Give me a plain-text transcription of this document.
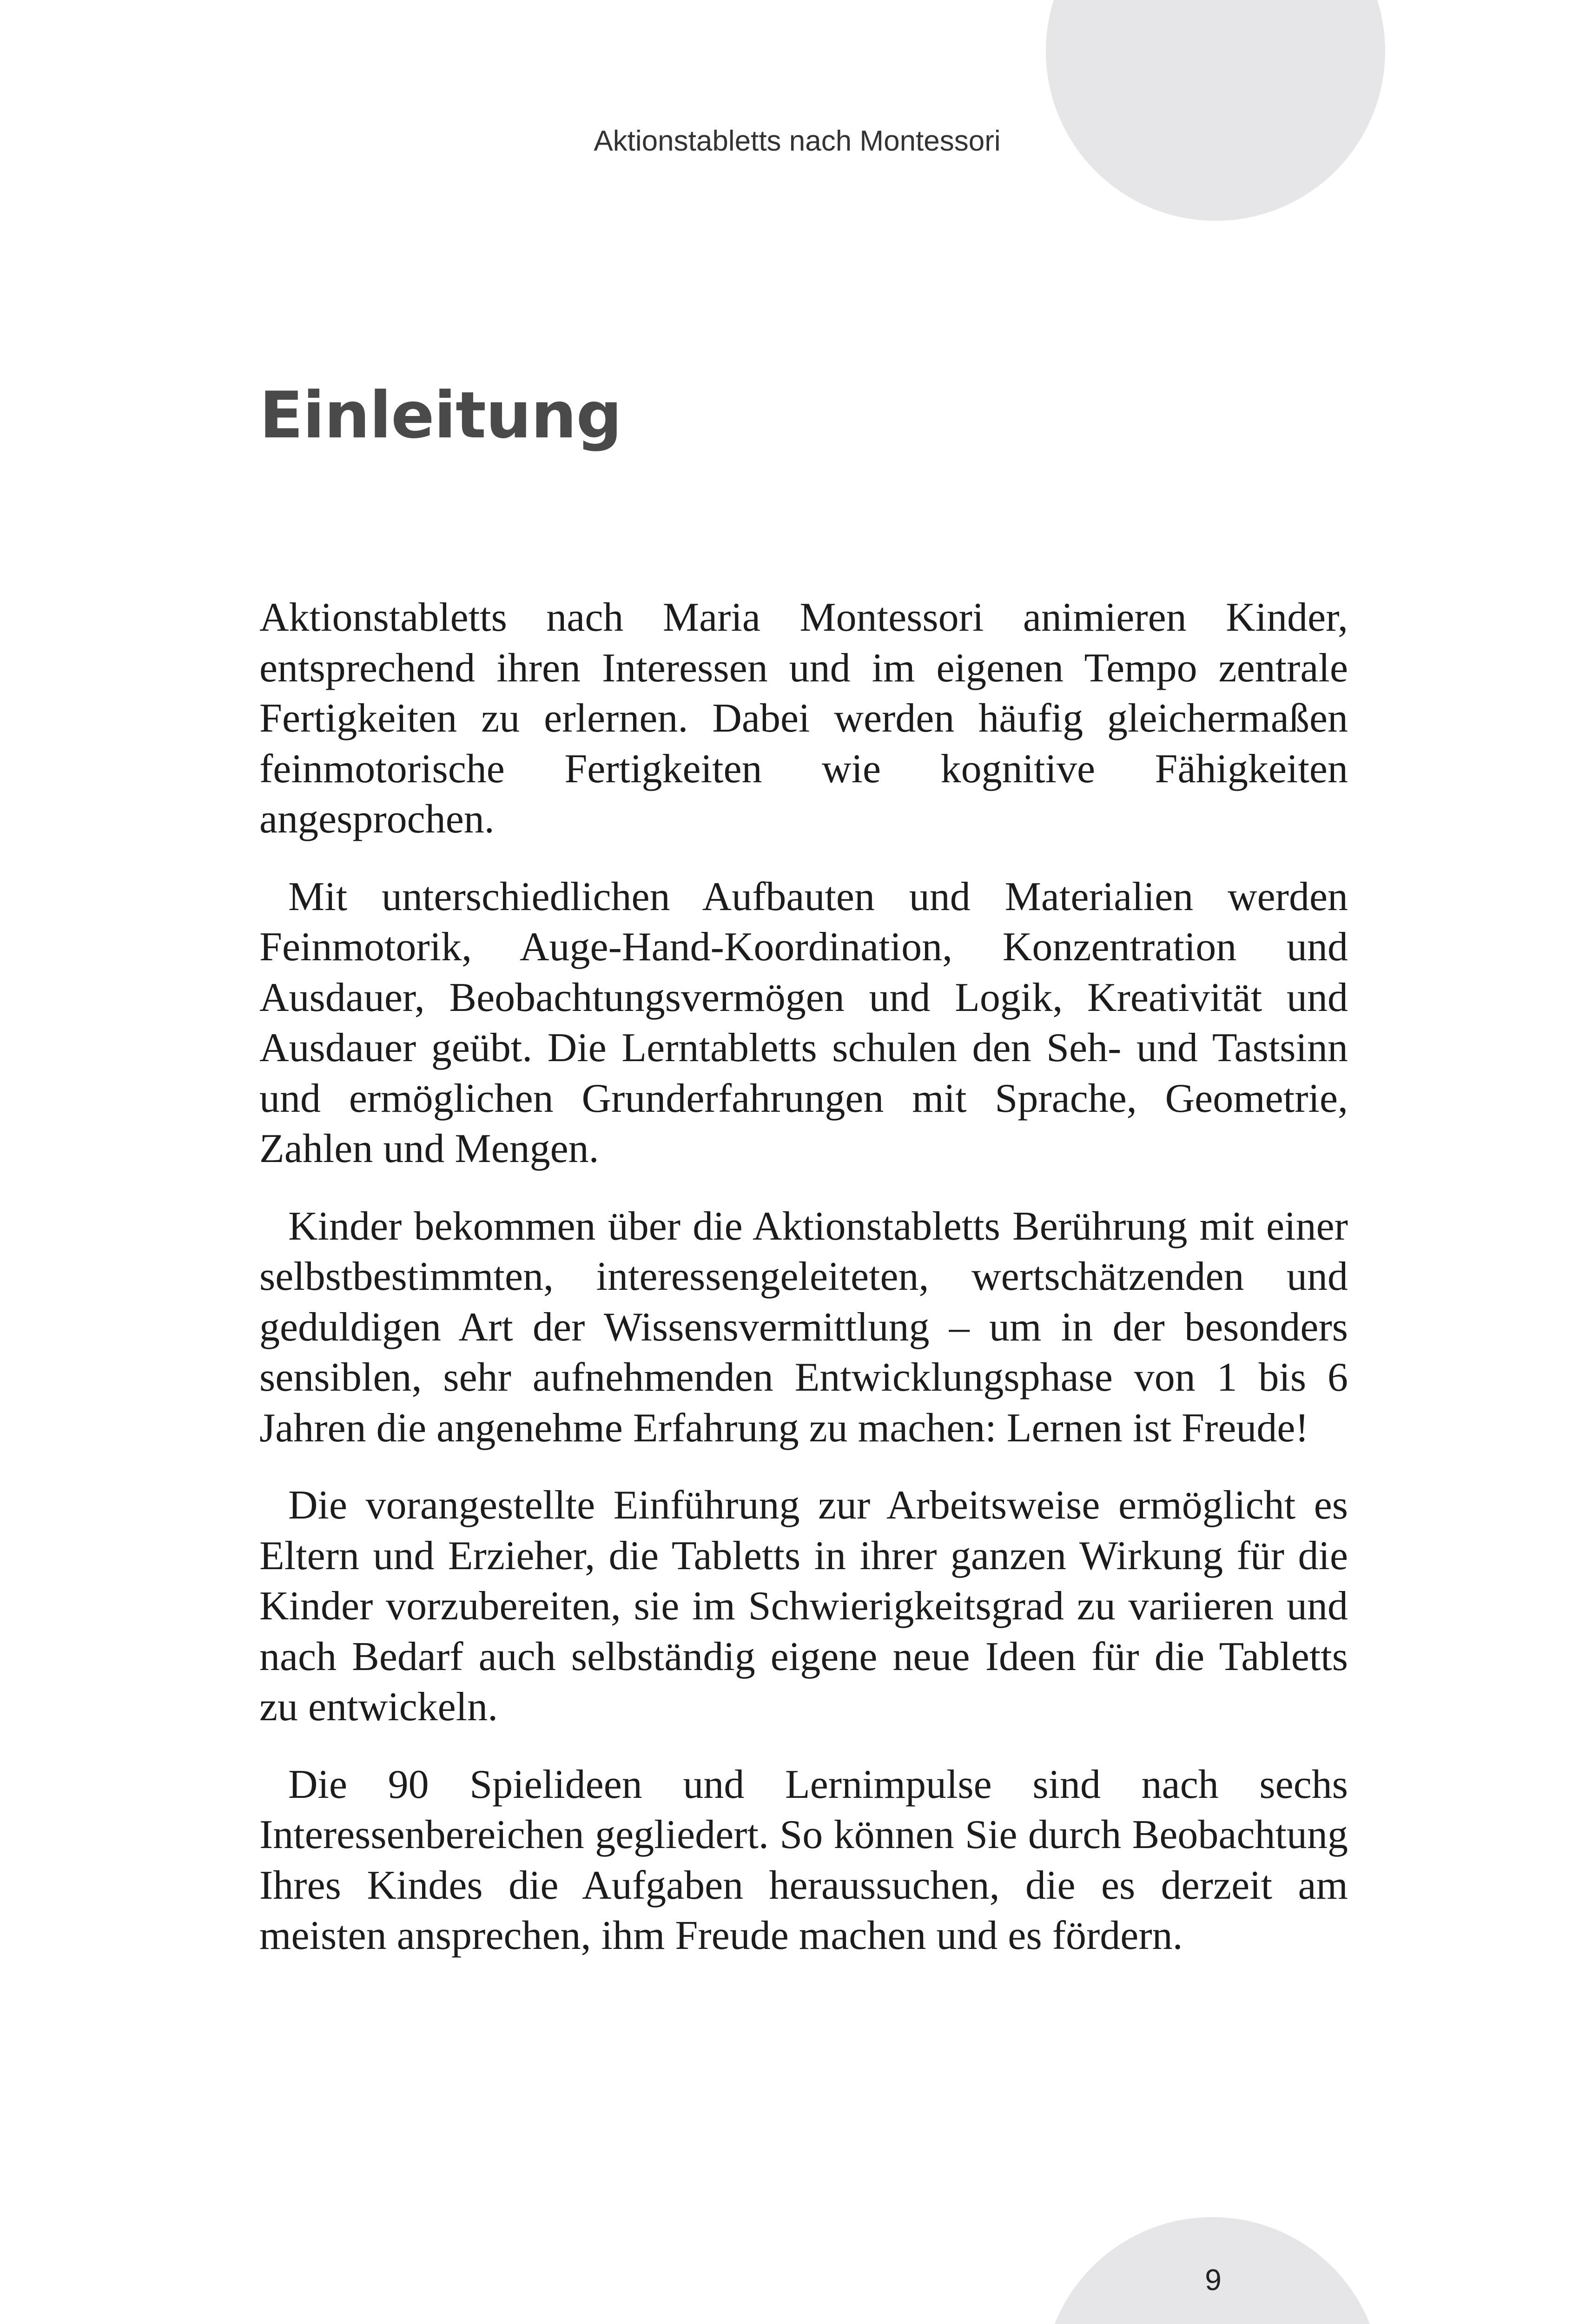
Aktionstabletts nach Montessori
Einleitung

Aktionstabletts nach Maria Montessori animieren Kinder, entsprechend ihren Interessen und im eigenen Tempo zentrale Fertigkeiten zu erlernen. Dabei werden häufig gleichermaßen feinmotorische Fertigkeiten wie kognitive Fähigkeiten angesprochen.

Mit unterschiedlichen Aufbauten und Materialien werden Feinmotorik, Auge-Hand-Koordination, Konzentration und Ausdauer, Beobachtungsvermögen und Logik, Kreativität und Ausdauer geübt. Die Lerntabletts schulen den Seh- und Tastsinn und ermöglichen Grunderfahrungen mit Sprache, Geometrie, Zahlen und Mengen.

Kinder bekommen über die Aktionstabletts Berührung mit einer selbstbestimmten, interessengeleiteten, wertschätzenden und geduldigen Art der Wissensvermittlung – um in der besonders sensiblen, sehr aufnehmenden Entwicklungsphase von 1 bis 6 Jahren die angenehme Erfahrung zu machen: Lernen ist Freude!

Die vorangestellte Einführung zur Arbeitsweise ermöglicht es Eltern und Erzieher, die Tabletts in ihrer ganzen Wirkung für die Kinder vorzubereiten, sie im Schwierigkeitsgrad zu variieren und nach Bedarf auch selbständig eigene neue Ideen für die Tabletts zu entwickeln.

Die 90 Spielideen und Lernimpulse sind nach sechs Interessenbereichen gegliedert. So können Sie durch Beobachtung Ihres Kindes die Aufgaben heraussuchen, die es derzeit am meisten ansprechen, ihm Freude machen und es fördern.

9
